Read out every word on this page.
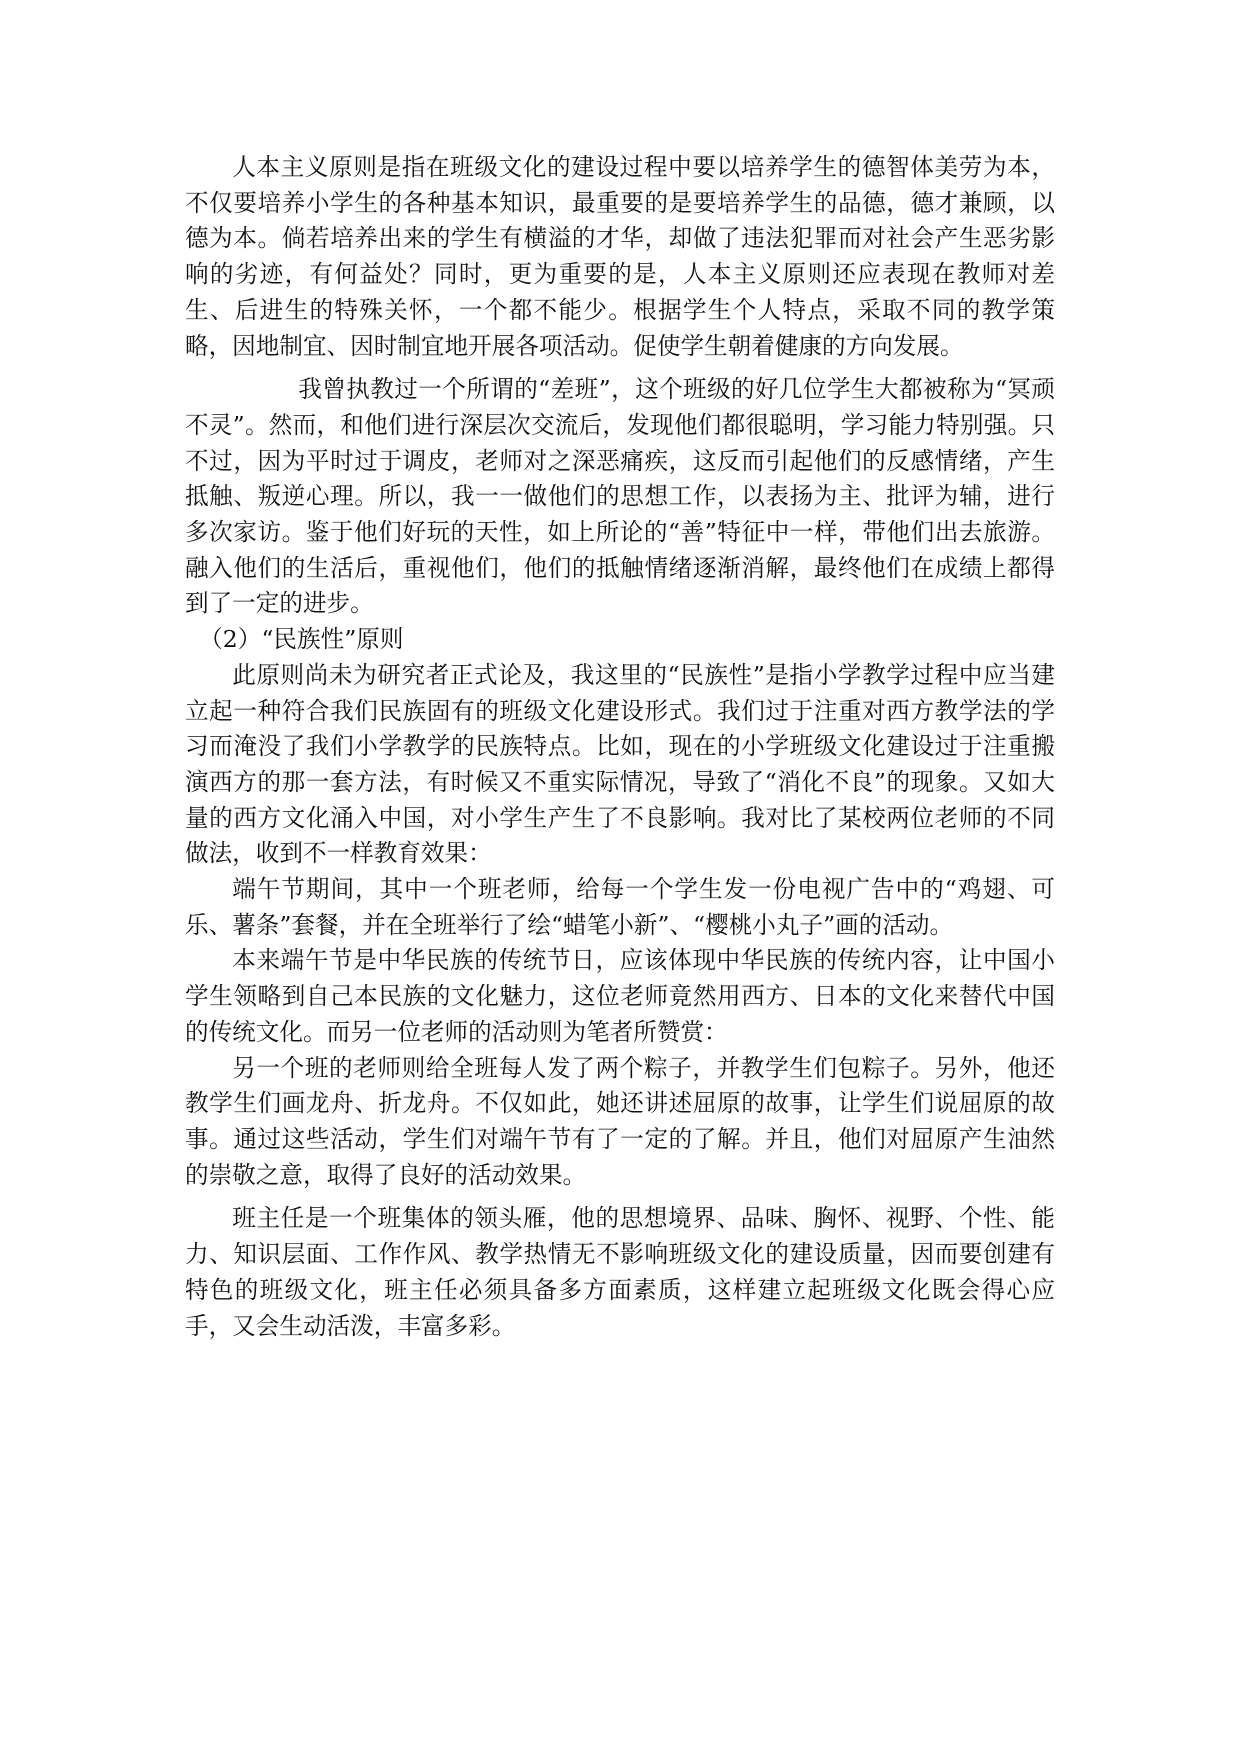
人本主义原则是指在班级文化的建设过程中要以培养学生的德智体美劳为本，不仅要培养小学生的各种基本知识，最重要的是要培养学生的品德，德才兼顾，以德为本。倘若培养出来的学生有横溢的才华，却做了违法犯罪而对社会产生恶劣影响的劣迹，有何益处？同时，更为重要的是，人本主义原则还应表现在教师对差生、后进生的特殊关怀，一个都不能少。根据学生个人特点，采取不同的教学策略，因地制宜、因时制宜地开展各项活动。促使学生朝着健康的方向发展。

我曾执教过一个所谓的“差班”，这个班级的好几位学生大都被称为“冥顽不灵”。然而，和他们进行深层次交流后，发现他们都很聪明，学习能力特别强。只不过，因为平时过于调皮，老师对之深恶痛疾，这反而引起他们的反感情绪，产生抵触、叛逆心理。所以，我一一做他们的思想工作，以表扬为主、批评为辅，进行多次家访。鉴于他们好玩的天性，如上所论的“善”特征中一样，带他们出去旅游。融入他们的生活后，重视他们，他们的抵触情绪逐渐消解，最终他们在成绩上都得到了一定的进步。

（2）“民族性”原则

此原则尚未为研究者正式论及，我这里的“民族性”是指小学教学过程中应当建立起一种符合我们民族固有的班级文化建设形式。我们过于注重对西方教学法的学习而淹没了我们小学教学的民族特点。比如，现在的小学班级文化建设过于注重搬演西方的那一套方法，有时候又不重实际情况，导致了“消化不良”的现象。又如大量的西方文化涌入中国，对小学生产生了不良影响。我对比了某校两位老师的不同做法，收到不一样教育效果：

端午节期间，其中一个班老师，给每一个学生发一份电视广告中的“鸡翅、可乐、薯条”套餐，并在全班举行了绘“蜡笔小新”、“樱桃小丸子”画的活动。

本来端午节是中华民族的传统节日，应该体现中华民族的传统内容，让中国小学生领略到自己本民族的文化魅力，这位老师竟然用西方、日本的文化来替代中国的传统文化。而另一位老师的活动则为笔者所赞赏：

另一个班的老师则给全班每人发了两个粽子，并教学生们包粽子。另外，他还教学生们画龙舟、折龙舟。不仅如此，她还讲述屈原的故事，让学生们说屈原的故事。通过这些活动，学生们对端午节有了一定的了解。并且，他们对屈原产生油然的崇敬之意，取得了良好的活动效果。

班主任是一个班集体的领头雁，他的思想境界、品味、胸怀、视野、个性、能力、知识层面、工作作风、教学热情无不影响班级文化的建设质量，因而要创建有特色的班级文化，班主任必须具备多方面素质，这样建立起班级文化既会得心应手，又会生动活泼，丰富多彩。
